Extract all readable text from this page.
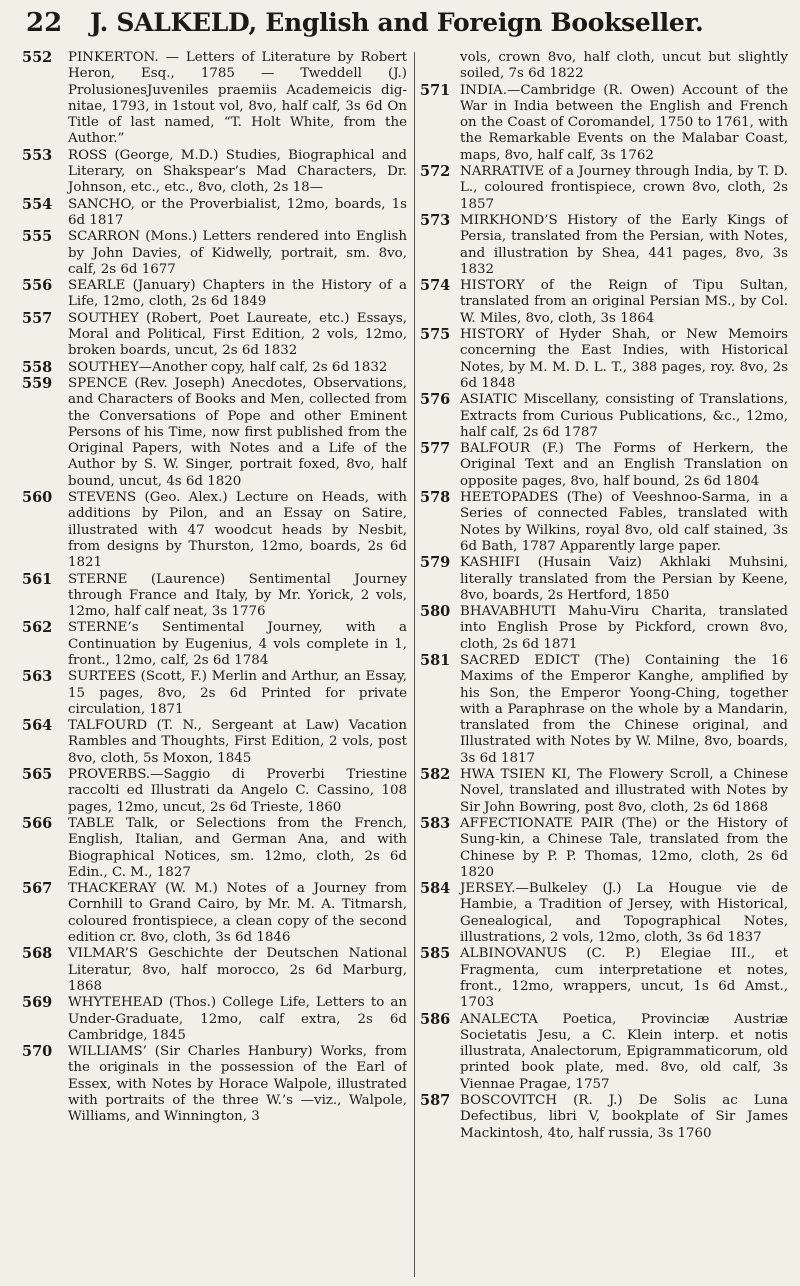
22 J. SALKELD, English and Foreign Bookseller.
552 PINKERTON. — Letters of Literature by Robert Heron, Esq., 1785 — Tweddell (J.) ProlusionesJuveniles praemiis Academeicis dig-nitae, 1793, in 1stout vol, 8vo, half calf, 3s 6d On Title of last named, “T. Holt White, from the Author.”
553 ROSS (George, M.D.) Studies, Biographical and Literary, on Shakspear’s Mad Characters, Dr. Johnson, etc., etc., 8vo, cloth, 2s 18—
554 SANCHO, or the Proverbialist, 12mo, boards, 1s 6d 1817
555 SCARRON (Mons.) Letters rendered into English by John Davies, of Kidwelly, portrait, sm. 8vo, calf, 2s 6d 1677
556 SEARLE (January) Chapters in the History of a Life, 12mo, cloth, 2s 6d 1849
557 SOUTHEY (Robert, Poet Laureate, etc.) Essays, Moral and Political, First Edition, 2 vols, 12mo, broken boards, uncut, 2s 6d 1832
558 SOUTHEY—Another copy, half calf, 2s 6d 1832
559 SPENCE (Rev. Joseph) Anecdotes, Observations, and Characters of Books and Men, collected from the Conversations of Pope and other Eminent Persons of his Time, now first published from the Original Papers, with Notes and a Life of the Author by S. W. Singer, portrait foxed, 8vo, half bound, uncut, 4s 6d 1820
560 STEVENS (Geo. Alex.) Lecture on Heads, with additions by Pilon, and an Essay on Satire, illustrated with 47 woodcut heads by Nesbit, from designs by Thurston, 12mo, boards, 2s 6d 1821
561 STERNE (Laurence) Sentimental Journey through France and Italy, by Mr. Yorick, 2 vols, 12mo, half calf neat, 3s 1776
562 STERNE’s Sentimental Journey, with a Continuation by Eugenius, 4 vols complete in 1, front., 12mo, calf, 2s 6d 1784
563 SURTEES (Scott, F.) Merlin and Arthur, an Essay, 15 pages, 8vo, 2s 6d Printed for private circulation, 1871
564 TALFOURD (T. N., Sergeant at Law) Vacation Rambles and Thoughts, First Edition, 2 vols, post 8vo, cloth, 5s Moxon, 1845
565 PROVERBS.—Saggio di Proverbi Triestine raccolti ed Illustrati da Angelo C. Cassino, 108 pages, 12mo, uncut, 2s 6d Trieste, 1860
566 TABLE Talk, or Selections from the French, English, Italian, and German Ana, and with Biographical Notices, sm. 12mo, cloth, 2s 6d Edin., C. M., 1827
567 THACKERAY (W. M.) Notes of a Journey from Cornhill to Grand Cairo, by Mr. M. A. Titmarsh, coloured frontispiece, a clean copy of the second edition cr. 8vo, cloth, 3s 6d 1846
568 VILMAR’S Geschichte der Deutschen National Literatur, 8vo, half morocco, 2s 6d Marburg, 1868
569 WHYTEHEAD (Thos.) College Life, Letters to an Under-Graduate, 12mo, calf extra, 2s 6d Cambridge, 1845
570 WILLIAMS’ (Sir Charles Hanbury) Works, from the originals in the possession of the Earl of Essex, with Notes by Horace Walpole, illustrated with portraits of the three W.’s —viz., Walpole, Williams, and Winnington, 3
vols, crown 8vo, half cloth, uncut but slightly soiled, 7s 6d 1822
571 INDIA.—Cambridge (R. Owen) Account of the War in India between the English and French on the Coast of Coromandel, 1750 to 1761, with the Remarkable Events on the Malabar Coast, maps, 8vo, half calf, 3s 1762
572 NARRATIVE of a Journey through India, by T. D. L., coloured frontispiece, crown 8vo, cloth, 2s 1857
573 MIRKHOND’S History of the Early Kings of Persia, translated from the Persian, with Notes, and illustration by Shea, 441 pages, 8vo, 3s 1832
574 HISTORY of the Reign of Tipu Sultan, translated from an original Persian MS., by Col. W. Miles, 8vo, cloth, 3s 1864
575 HISTORY of Hyder Shah, or New Memoirs concerning the East Indies, with Historical Notes, by M. M. D. L. T., 388 pages, roy. 8vo, 2s 6d 1848
576 ASIATIC Miscellany, consisting of Translations, Extracts from Curious Publications, &c., 12mo, half calf, 2s 6d 1787
577 BALFOUR (F.) The Forms of Herkern, the Original Text and an English Translation on opposite pages, 8vo, half bound, 2s 6d 1804
578 HEETOPADES (The) of Veeshnoo-Sarma, in a Series of connected Fables, translated with Notes by Wilkins, royal 8vo, old calf stained, 3s 6d Bath, 1787 Apparently large paper.
579 KASHIFI (Husain Vaiz) Akhlaki Muhsini, literally translated from the Persian by Keene, 8vo, boards, 2s Hertford, 1850
580 BHAVABHUTI Mahu-Viru Charita, translated into English Prose by Pickford, crown 8vo, cloth, 2s 6d 1871
581 SACRED EDICT (The) Containing the 16 Maxims of the Emperor Kanghe, amplified by his Son, the Emperor Yoong-Ching, together with a Paraphrase on the whole by a Mandarin, translated from the Chinese original, and Illustrated with Notes by W. Milne, 8vo, boards, 3s 6d 1817
582 HWA TSIEN KI, The Flowery Scroll, a Chinese Novel, translated and illustrated with Notes by Sir John Bowring, post 8vo, cloth, 2s 6d 1868
583 AFFECTIONATE PAIR (The) or the History of Sung-kin, a Chinese Tale, translated from the Chinese by P. P. Thomas, 12mo, cloth, 2s 6d 1820
584 JERSEY.—Bulkeley (J.) La Hougue vie de Hambie, a Tradition of Jersey, with Historical, Genealogical, and Topographical Notes, illustrations, 2 vols, 12mo, cloth, 3s 6d 1837
585 ALBINOVANUS (C. P.) Elegiae III., et Fragmenta, cum interpretatione et notes, front., 12mo, wrappers, uncut, 1s 6d Amst., 1703
586 ANALECTA Poetica, Provinciæ Austriæ Societatis Jesu, a C. Klein interp. et notis illustrata, Analectorum, Epigrammaticorum, old printed book plate, med. 8vo, old calf, 3s Viennae Pragae, 1757
587 BOSCOVITCH (R. J.) De Solis ac Luna Defectibus, libri V, bookplate of Sir James Mackintosh, 4to, half russia, 3s 1760
